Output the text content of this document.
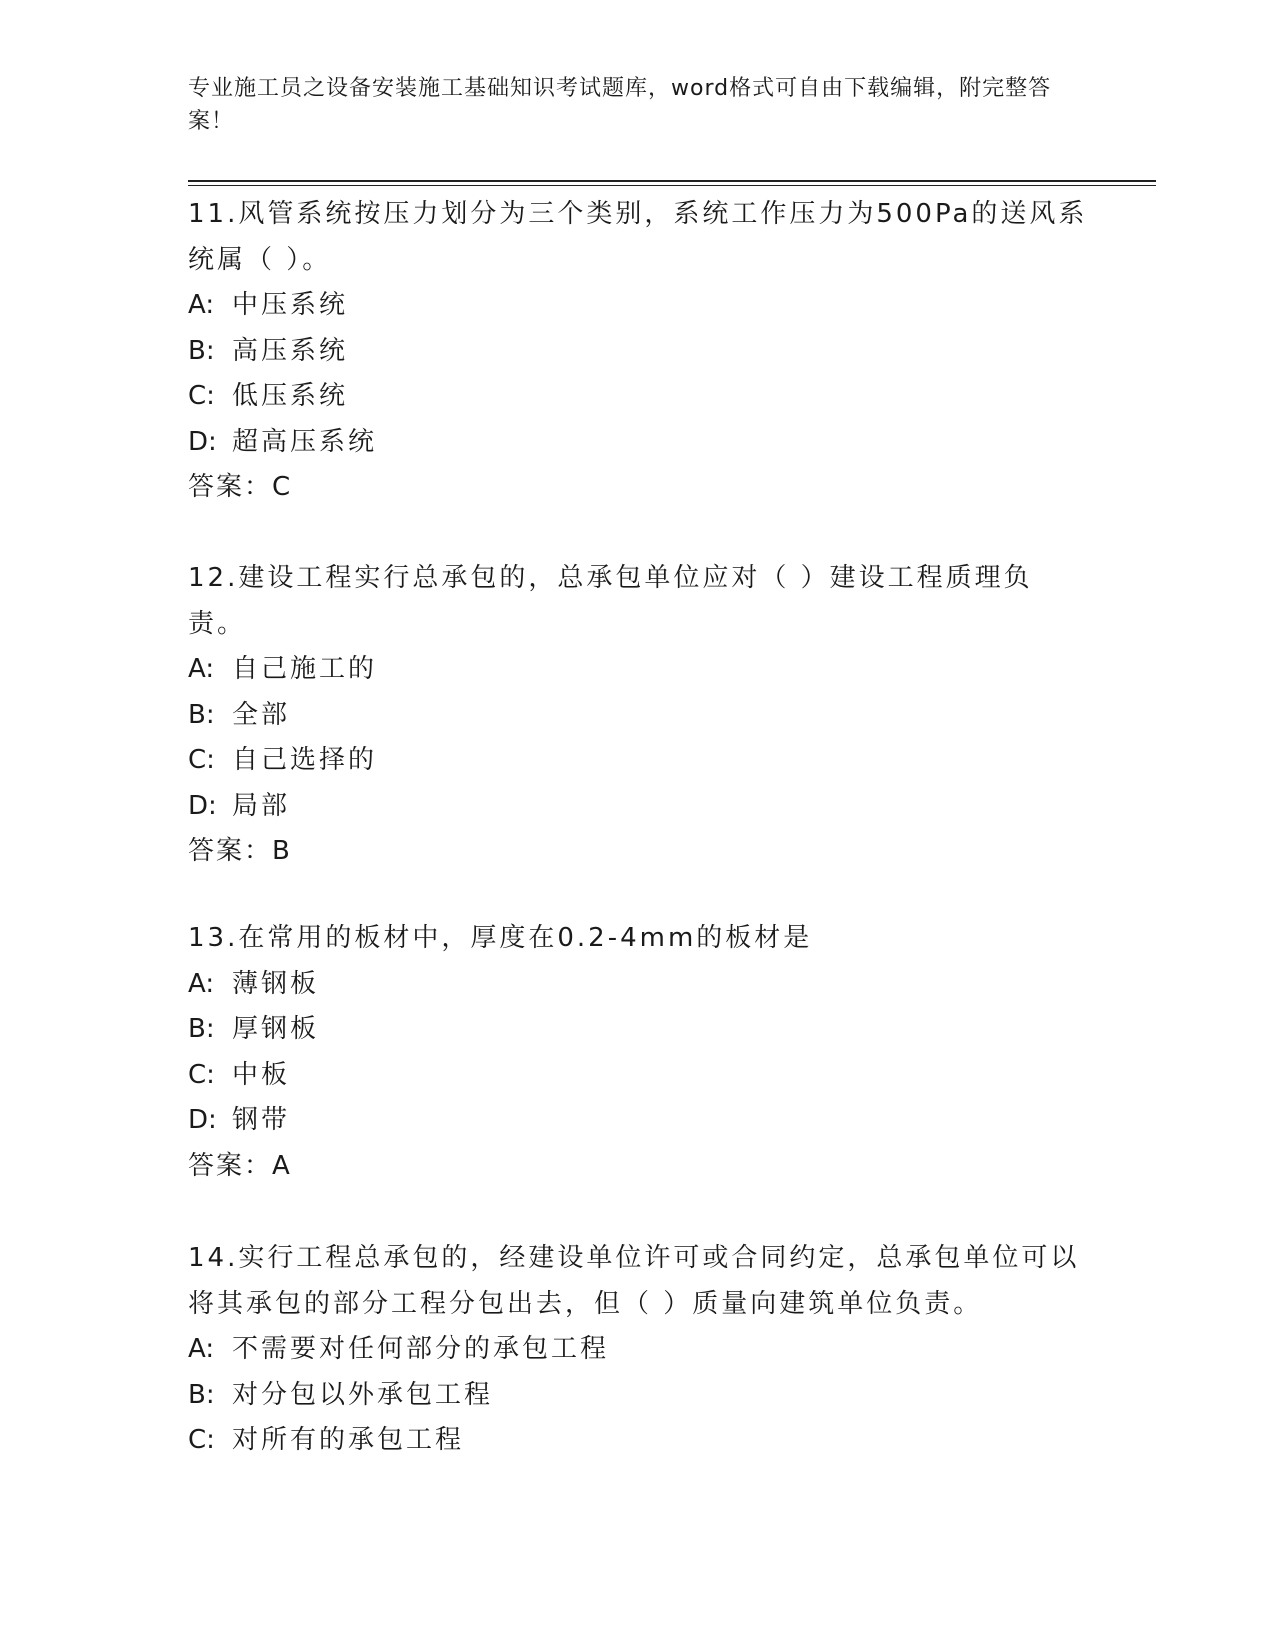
专业施工员之设备安装施工基础知识考试题库，word格式可自由下载编辑，附完整答案！

11.风管系统按压力划分为三个类别，系统工作压力为500Pa的送风系统属（ ）。

A: 中压系统
B: 高压系统
C: 低压系统
D: 超高压系统

答案：C

12.建设工程实行总承包的，总承包单位应对（ ）建设工程质理负责。

A: 自己施工的
B: 全部
C: 自己选择的
D: 局部

答案：B

13.在常用的板材中，厚度在0.2-4mm的板材是

A: 薄钢板
B: 厚钢板
C: 中板
D: 钢带

答案：A

14.实行工程总承包的，经建设单位许可或合同约定，总承包单位可以将其承包的部分工程分包出去，但（ ）质量向建筑单位负责。

A: 不需要对任何部分的承包工程
B: 对分包以外承包工程
C: 对所有的承包工程
